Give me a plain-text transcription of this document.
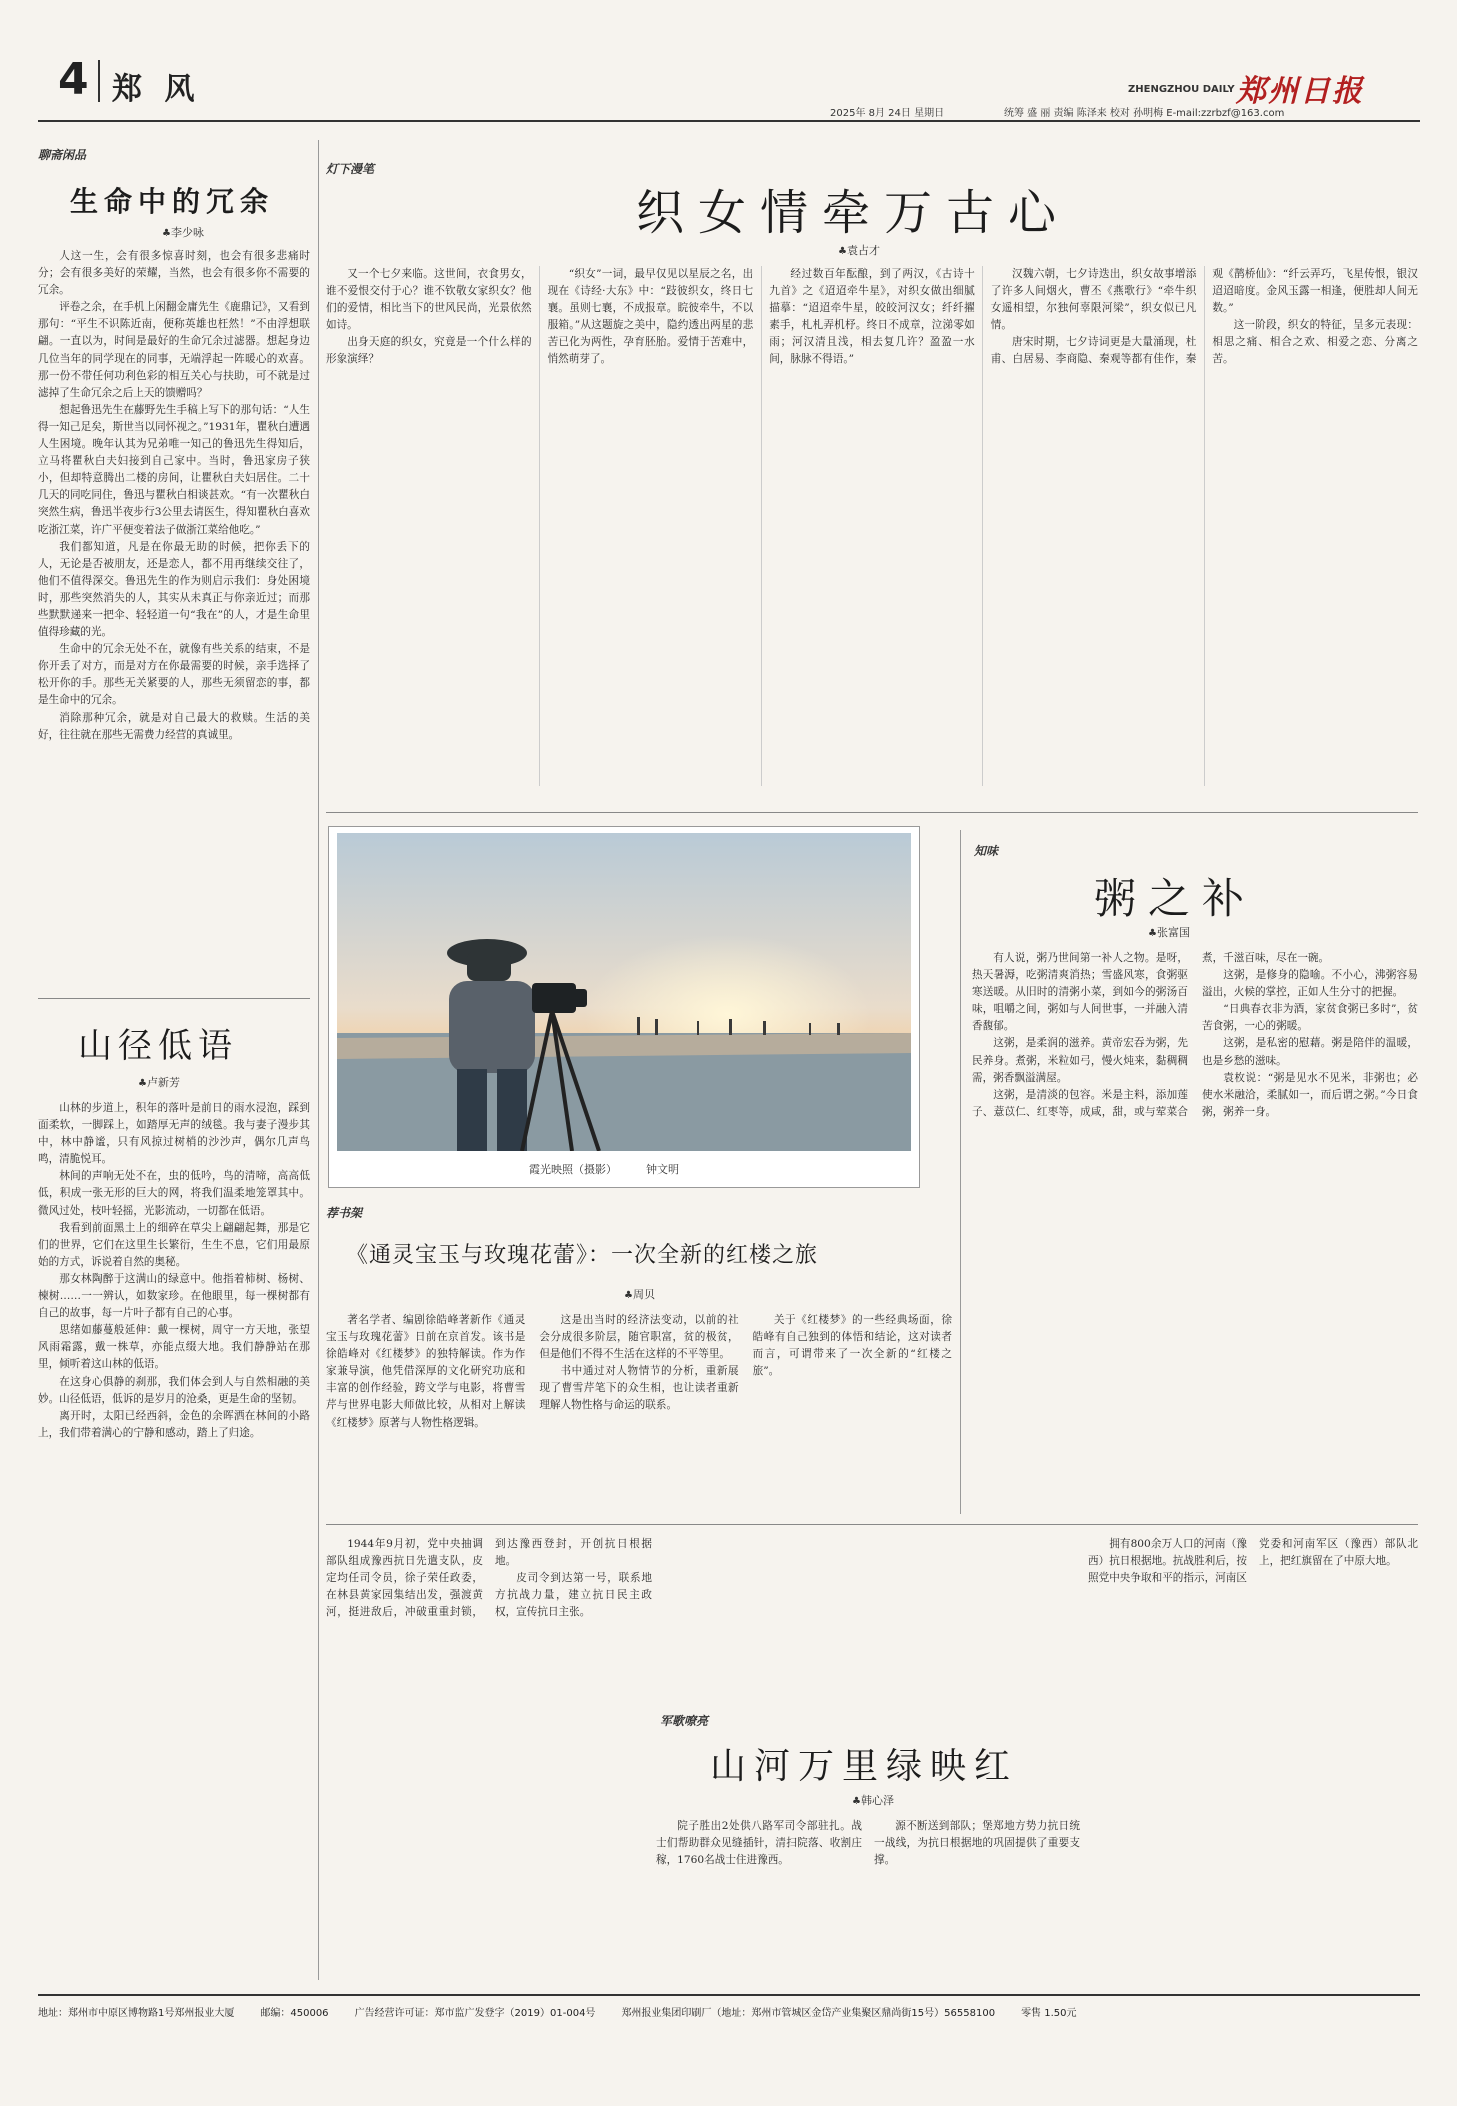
4 郑 风	ZHENGZHOU DAILY 郑州日报
2025年 8月 24日 星期日	统筹 盛 丽 责编 陈泽来 校对 孙明梅 E-mail:zzrbzf@163.com
聊斋闲品
生命中的冗余
♣ 李少咏

人这一生，会有很多惊喜时刻，也会有很多悲痛时分；会有很多美好的荣耀，当然，也会有很多你不需要的冗余。

评卷之余，在手机上闲翻金庸先生《鹿鼎记》，又看到那句：“平生不识陈近南，便称英雄也枉然！”不由浮想联翩。一直以为，时间是最好的生命冗余过滤器。想起身边几位当年的同学现在的同事，无端浮起一阵暖心的欢喜。那一份不带任何功利色彩的相互关心与扶助，可不就是过滤掉了生命冗余之后上天的馈赠吗？

想起鲁迅先生在藤野先生手稿上写下的那句话：“人生得一知己足矣，斯世当以同怀视之。”1931年，瞿秋白遭遇人生困境。晚年认其为兄弟唯一知己的鲁迅先生得知后，立马将瞿秋白夫妇接到自己家中。当时，鲁迅家房子狭小，但却特意腾出二楼的房间，让瞿秋白夫妇居住。二十几天的同吃同住，鲁迅与瞿秋白相谈甚欢。“有一次瞿秋白突然生病，鲁迅半夜步行3公里去请医生，得知瞿秋白喜欢吃浙江菜，许广平便变着法子做浙江菜给他吃。”

我们都知道，凡是在你最无助的时候，把你丢下的人，无论是否被朋友，还是恋人，都不用再继续交往了，他们不值得深交。鲁迅先生的作为则启示我们：身处困境时，那些突然消失的人，其实从未真正与你亲近过；而那些默默递来一把伞、轻轻道一句“我在”的人，才是生命里值得珍藏的光。

生命中的冗余无处不在，就像有些关系的结束，不是你开丢了对方，而是对方在你最需要的时候，亲手选择了松开你的手。那些无关紧要的人，那些无须留恋的事，都是生命中的冗余。

消除那种冗余，就是对自己最大的救赎。生活的美好，往往就在那些无需费力经营的真诚里。

山径低语
♣ 卢新芳

山林的步道上，积年的落叶是前日的雨水浸泡，踩到面柔软，一脚踩上，如踏厚无声的绒毯。我与妻子漫步其中，林中静谧，只有风掠过树梢的沙沙声，偶尔几声鸟鸣，清脆悦耳。

林间的声响无处不在，虫的低吟，鸟的清啼，高高低低，积成一张无形的巨大的网，将我们温柔地笼罩其中。微风过处，枝叶轻摇，光影流动，一切都在低语。

我看到前面黑土上的细碎在草尖上翩翩起舞，那是它们的世界，它们在这里生长繁衍，生生不息，它们用最原始的方式，诉说着自然的奥秘。

那女林陶醉于这满山的绿意中。他指着柿树、杨树、楝树……一一辨认，如数家珍。在他眼里，每一棵树都有自己的故事，每一片叶子都有自己的心事。

思绪如藤蔓般延伸：戴一棵树，周守一方天地，张望风雨霜露，戴一株草，亦能点缀大地。我们静静站在那里，倾听着这山林的低语。

在这身心俱静的刹那，我们体会到人与自然相融的美妙。山径低语，低诉的是岁月的沧桑，更是生命的坚韧。

离开时，太阳已经西斜，金色的余晖洒在林间的小路上，我们带着满心的宁静和感动，踏上了归途。

灯下漫笔
织女情牵万古心
♣ 袁占才

又一个七夕来临。这世间，衣食男女，谁不爱恨交付于心？谁不钦敬女家织女？他们的爱情，相比当下的世风民尚，光景依然如诗。

出身天庭的织女，究竟是一个什么样的形象演绎？

“织女”一词，最早仅见以星辰之名，出现在《诗经·大东》中：“跂彼织女，终日七襄。虽则七襄，不成报章。睆彼牵牛，不以服箱。”从这题旋之美中，隐约透出两星的悲苦已化为两性，孕育胚胎。爱情于苦难中，悄然萌芽了。

经过数百年酝酿，到了两汉，《古诗十九首》之《迢迢牵牛星》，对织女做出细腻描摹：“迢迢牵牛星，皎皎河汉女；纤纤擢素手，札札弄机杼。终日不成章，泣涕零如雨；河汉清且浅，相去复几许？盈盈一水间，脉脉不得语。”

汉魏六朝，七夕诗迭出，织女故事增添了许多人间烟火，曹丕《燕歌行》“牵牛织女遥相望，尔独何辜限河梁”，织女似已凡情。

唐宋时期，七夕诗词更是大量涌现，杜甫、白居易、李商隐、秦观等都有佳作，秦观《鹊桥仙》：“纤云弄巧，飞星传恨，银汉迢迢暗度。金风玉露一相逢，便胜却人间无数。”

这一阶段，织女的特征，呈多元表现：相思之痛、相合之欢、相爱之恋、分离之苦。

霞光映照（摄影）	钟文明
知味
粥之补
♣ 张富国

有人说，粥乃世间第一补人之物。是呀，热天暑溽，吃粥清爽消热；雪盛风寒，食粥驱寒送暖。从旧时的清粥小菜，到如今的粥汤百味，咀嚼之间，粥如与人间世事，一并融入清香馥郁。

这粥，是柔润的滋养。黄帝宏吞为粥，先民养身。煮粥，米粒如弓，慢火炖来，黏稠稠需，粥香飘溢满屋。

这粥，是清淡的包容。米是主料，添加莲子、薏苡仁、红枣等，成咸，甜，或与荤菜合煮，千滋百味，尽在一碗。

这粥，是修身的隐喻。不小心，沸粥容易溢出，火候的掌控，正如人生分寸的把握。

“日典春衣非为酒，家贫食粥已多时”，贫苦食粥，一心的粥暖。

这粥，是私密的慰藉。粥是陪伴的温暖，也是乡愁的滋味。

袁枚说：“粥是见水不见米，非粥也；必使水米融洽，柔腻如一，而后谓之粥。”今日食粥，粥养一身。

荐书架
《通灵宝玉与玫瑰花蕾》：一次全新的红楼之旅
♣ 周贝

著名学者、编剧徐皓峰著新作《通灵宝玉与玫瑰花蕾》日前在京首发。该书是徐皓峰对《红楼梦》的独特解读。作为作家兼导演，他凭借深厚的文化研究功底和丰富的创作经验，跨文学与电影，将曹雪芹与世界电影大师做比较，从相对上解读《红楼梦》原著与人物性格逻辑。

这是出当时的经济法变动，以前的社会分成很多阶层，随官职富，贫的极贫，但是他们不得不生活在这样的不平等里。

书中通过对人物情节的分析，重新展现了曹雪芹笔下的众生相，也让读者重新理解人物性格与命运的联系。

关于《红楼梦》的一些经典场面，徐皓峰有自己独到的体悟和结论，这对读者而言，可谓带来了一次全新的“红楼之旅”。

军歌嘹亮
山河万里绿映红
♣ 韩心泽

1944年9月初，党中央抽调部队组成豫西抗日先遣支队，皮定均任司令员，徐子荣任政委，在林县黄家园集结出发，强渡黄河，挺进敌后，冲破重重封锁，到达豫西登封，开创抗日根据地。

皮司令到达第一号，联系地方抗战力量，建立抗日民主政权，宣传抗日主张。

院子胜出2处供八路军司令部驻扎。战士们帮助群众见缝插针，清扫院落、收割庄稼，1760名战士住进豫西。

源不断送到部队；堡郑地方势力抗日统一战线，为抗日根据地的巩固提供了重要支撑。

拥有800余万人口的河南（豫西）抗日根据地。抗战胜利后，按照党中央争取和平的指示，河南区党委和河南军区（豫西）部队北上，把红旗留在了中原大地。

地址：郑州市中原区博物路1号郑州报业大厦	邮编：450006	广告经营许可证：郑市监广发登字（2019）01-004号	郑州报业集团印刷厂（地址：郑州市管城区金岱产业集聚区鼎尚街15号）56558100	零售 1.50元
